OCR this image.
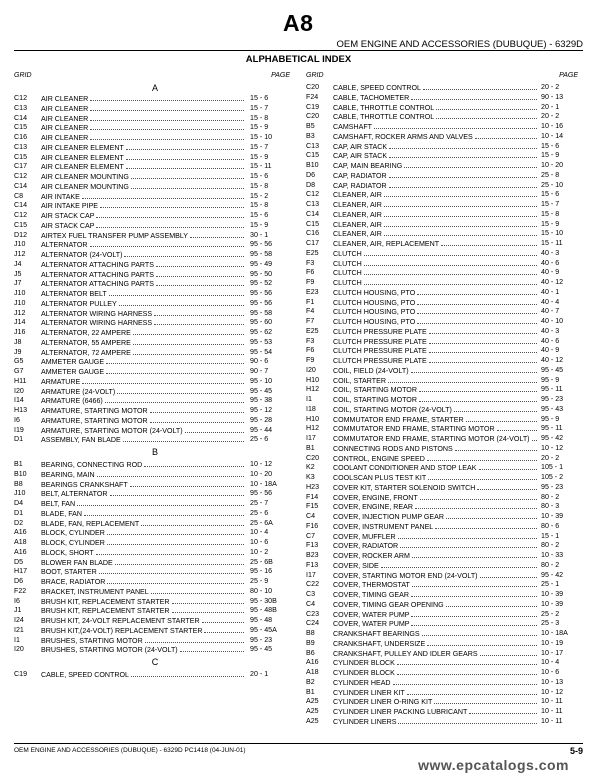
A8
OEM ENGINE AND ACCESSORIES (DUBUQUE) - 6329D
ALPHABETICAL INDEX
GRID	PAGE
A
C12	AIR CLEANER	15 - 6
C13	AIR CLEANER	15 - 7
C14	AIR CLEANER	15 - 8
C15	AIR CLEANER	15 - 9
C16	AIR CLEANER	15 - 10
C13	AIR CLEANER ELEMENT	15 - 7
C15	AIR CLEANER ELEMENT	15 - 9
C17	AIR CLEANER ELEMENT	15 - 11
C12	AIR CLEANER MOUNTING	15 - 6
C14	AIR CLEANER MOUNTING	15 - 8
C8	AIR INTAKE	15 - 2
C14	AIR INTAKE PIPE	15 - 8
C12	AIR STACK CAP	15 - 6
C15	AIR STACK CAP	15 - 9
D12	AIRTEX FUEL TRANSFER PUMP ASSEMBLY	30 - 1
J10	ALTERNATOR	95 - 56
J12	ALTERNATOR (24-VOLT)	95 - 58
J4	ALTERNATOR ATTACHING PARTS	95 - 49
J5	ALTERNATOR ATTACHING PARTS	95 - 50
J7	ALTERNATOR ATTACHING PARTS	95 - 52
J10	ALTERNATOR BELT	95 - 56
J10	ALTERNATOR PULLEY	95 - 56
J12	ALTERNATOR WIRING HARNESS	95 - 58
J14	ALTERNATOR WIRING HARNESS	95 - 60
J16	ALTERNATOR, 22 AMPERE	95 - 62
J8	ALTERNATOR, 55 AMPERE	95 - 53
J9	ALTERNATOR, 72 AMPERE	95 - 54
G5	AMMETER GAUGE	90 - 6
G7	AMMETER GAUGE	90 - 7
H11	ARMATURE	95 - 10
I20	ARMATURE (24-VOLT)	95 - 45
I14	ARMATURE (6466)	95 - 38
H13	ARMATURE, STARTING MOTOR	95 - 12
I6	ARMATURE, STARTING MOTOR	95 - 28
I19	ARMATURE, STARTING MOTOR (24-VOLT)	95 - 44
D1	ASSEMBLY, FAN BLADE	25 - 6
B
B1	BEARING, CONNECTING ROD	10 - 12
B10	BEARING, MAIN	10 - 20
B8	BEARINGS CRANKSHAFT	10 - 18A
J10	BELT, ALTERNATOR	95 - 56
D4	BELT, FAN	25 - 7
D1	BLADE, FAN	25 - 6
D2	BLADE, FAN, REPLACEMENT	25 - 6A
A16	BLOCK, CYLINDER	10 - 4
A18	BLOCK, CYLINDER	10 - 6
A16	BLOCK, SHORT	10 - 2
D5	BLOWER FAN BLADE	25 - 6B
H17	BOOT, STARTER	95 - 16
D6	BRACE, RADIATOR	25 - 9
F22	BRACKET, INSTRUMENT PANEL	80 - 10
I6	BRUSH KIT, REPLACEMENT STARTER	95 - 30B
J1	BRUSH KIT, REPLACEMENT STARTER	95 - 48B
I24	BRUSH KIT, 24-VOLT REPLACEMENT STARTER	95 - 48
I21	BRUSH KIT,(24-VOLT) REPLACEMENT STARTER	95 - 45A
I1	BRUSHES, STARTING MOTOR	95 - 23
I20	BRUSHES, STARTING MOTOR (24-VOLT)	95 - 45
C
C19	CABLE, SPEED CONTROL	20 - 1
GRID	PAGE
C20	CABLE, SPEED CONTROL	20 - 2
F24	CABLE, TACHOMETER	90 - 13
C19	CABLE, THROTTLE CONTROL	20 - 1
C20	CABLE, THROTTLE CONTROL	20 - 2
B5	CAMSHAFT	10 - 16
B3	CAMSHAFT, ROCKER ARMS AND VALVES	10 - 14
C13	CAP, AIR STACK	15 - 6
C15	CAP, AIR STACK	15 - 9
B10	CAP, MAIN BEARING	10 - 20
D6	CAP, RADIATOR	25 - 8
D8	CAP, RADIATOR	25 - 10
C12	CLEANER, AIR	15 - 6
C13	CLEANER, AIR	15 - 7
C14	CLEANER, AIR	15 - 8
C15	CLEANER, AIR	15 - 9
C16	CLEANER, AIR	15 - 10
C17	CLEANER, AIR, REPLACEMENT	15 - 11
E25	CLUTCH	40 - 3
F3	CLUTCH	40 - 6
F6	CLUTCH	40 - 9
F9	CLUTCH	40 - 12
E23	CLUTCH HOUSING, PTO	40 - 1
F1	CLUTCH HOUSING, PTO	40 - 4
F4	CLUTCH HOUSING, PTO	40 - 7
F7	CLUTCH HOUSING, PTO	40 - 10
E25	CLUTCH PRESSURE PLATE	40 - 3
F3	CLUTCH PRESSURE PLATE	40 - 6
F6	CLUTCH PRESSURE PLATE	40 - 9
F9	CLUTCH PRESSURE PLATE	40 - 12
I20	COIL, FIELD (24-VOLT)	95 - 45
H10	COIL, STARTER	95 - 9
H12	COIL, STARTING MOTOR	95 - 11
I1	COIL, STARTING MOTOR	95 - 23
I18	COIL, STARTING MOTOR (24-VOLT)	95 - 43
H10	COMMUTATOR END FRAME, STARTER	95 - 9
H12	COMMUTATOR END FRAME, STARTING MOTOR	95 - 11
I17	COMMUTATOR END FRAME, STARTING MOTOR (24-VOLT) 95 - 42
B1	CONNECTING RODS AND PISTONS	10 - 12
C20	CONTROL, ENGINE SPEED	20 - 2
K2	COOLANT CONDITIONER AND STOP LEAK	105 - 1
K3	COOLSCAN PLUS TEST KIT	105 - 2
H23	COVER KIT, STARTER SOLENOID SWITCH	95 - 23
F14	COVER, ENGINE, FRONT	80 - 2
F15	COVER, ENGINE, REAR	80 - 3
C4	COVER, INJECTION PUMP GEAR	10 - 39
F16	COVER, INSTRUMENT PANEL	80 - 6
C7	COVER, MUFFLER	15 - 1
F13	COVER, RADIATOR	80 - 2
B23	COVER, ROCKER ARM	10 - 33
F13	COVER, SIDE	80 - 2
I17	COVER, STARTING MOTOR END (24-VOLT)	95 - 42
C22	COVER, THERMOSTAT	25 - 1
C3	COVER, TIMING GEAR	10 - 39
C4	COVER, TIMING GEAR OPENING	10 - 39
C23	COVER, WATER PUMP	25 - 2
C24	COVER, WATER PUMP	25 - 3
B8	CRANKSHAFT BEARINGS	10 - 18A
B9	CRANKSHAFT, UNDERSIZE	10 - 19
B6	CRANKSHAFT, PULLEY AND IDLER GEARS	10 - 17
A16	CYLINDER BLOCK	10 - 4
A18	CYLINDER BLOCK	10 - 6
B2	CYLINDER HEAD	10 - 13
B1	CYLINDER LINER KIT	10 - 12
A25	CYLINDER LINER O-RING KIT	10 - 11
A25	CYLINDER LINER PACKING LUBRICANT	10 - 11
A25	CYLINDER LINERS	10 - 11
OEM ENGINE AND ACCESSORIES (DUBUQUE) - 6329D PC1418 (04-JUN-01)	5-9
www.epcatalogs.com
